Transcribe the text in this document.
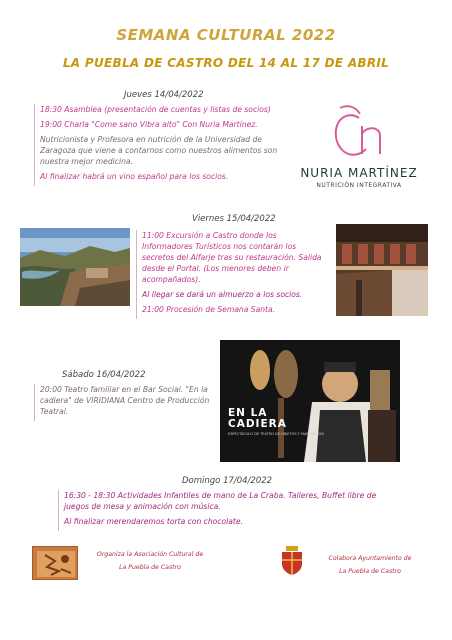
SEMANA CULTURAL 2022
LA PUEBLA DE CASTRO DEL 14 AL 17 DE ABRIL
Jueves 14/04/2022
18:30 Asamblea (presentación de cuentas y listas de socios)
19:00 Charla "Come sano Vibra alto" Con Nuria Martínez.
Nutricionista y Profesora en nutrición de la Universidad de Zaragoza que viene a contarnos como nuestros alimentos son nuestra mejor medicina.
Al finalizar habrá un vino español para los socios.	NURIA MARTÍNEZ
NUTRICIÓN INTEGRATIVA
Viernes 15/04/2022
11:00 Excursión a Castro donde los Informadores Turísticos nos contarán los secretos del Alfarje tras su restauración. Salida desde el Portal. (Los menores deben ir acompañados).
Al llegar se dará un almuerzo a los socios.
21:00 Procesión de Semana Santa.
Sábado 16/04/2022
20:00 Teatro familiar en el Bar Social. "En la cadiera" de VIRIDIANA Centro de Producción Teatral.	EN LA
CADIERA
ESPECTÁCULO DE TEATRO DE OBJETOS Y MARIONETAS
Domingo 17/04/2022
16:30 - 18:30 Actividades Infantiles de mano de La Craba. Talleres, Buffet libre de juegos de mesa y animación con música.
Al finalizar merendaremos torta con chocolate.
Organiza la Asociación Cultural de
La Puebla de Castro
Colabora Ayuntamiento de
La Puebla de Castro
